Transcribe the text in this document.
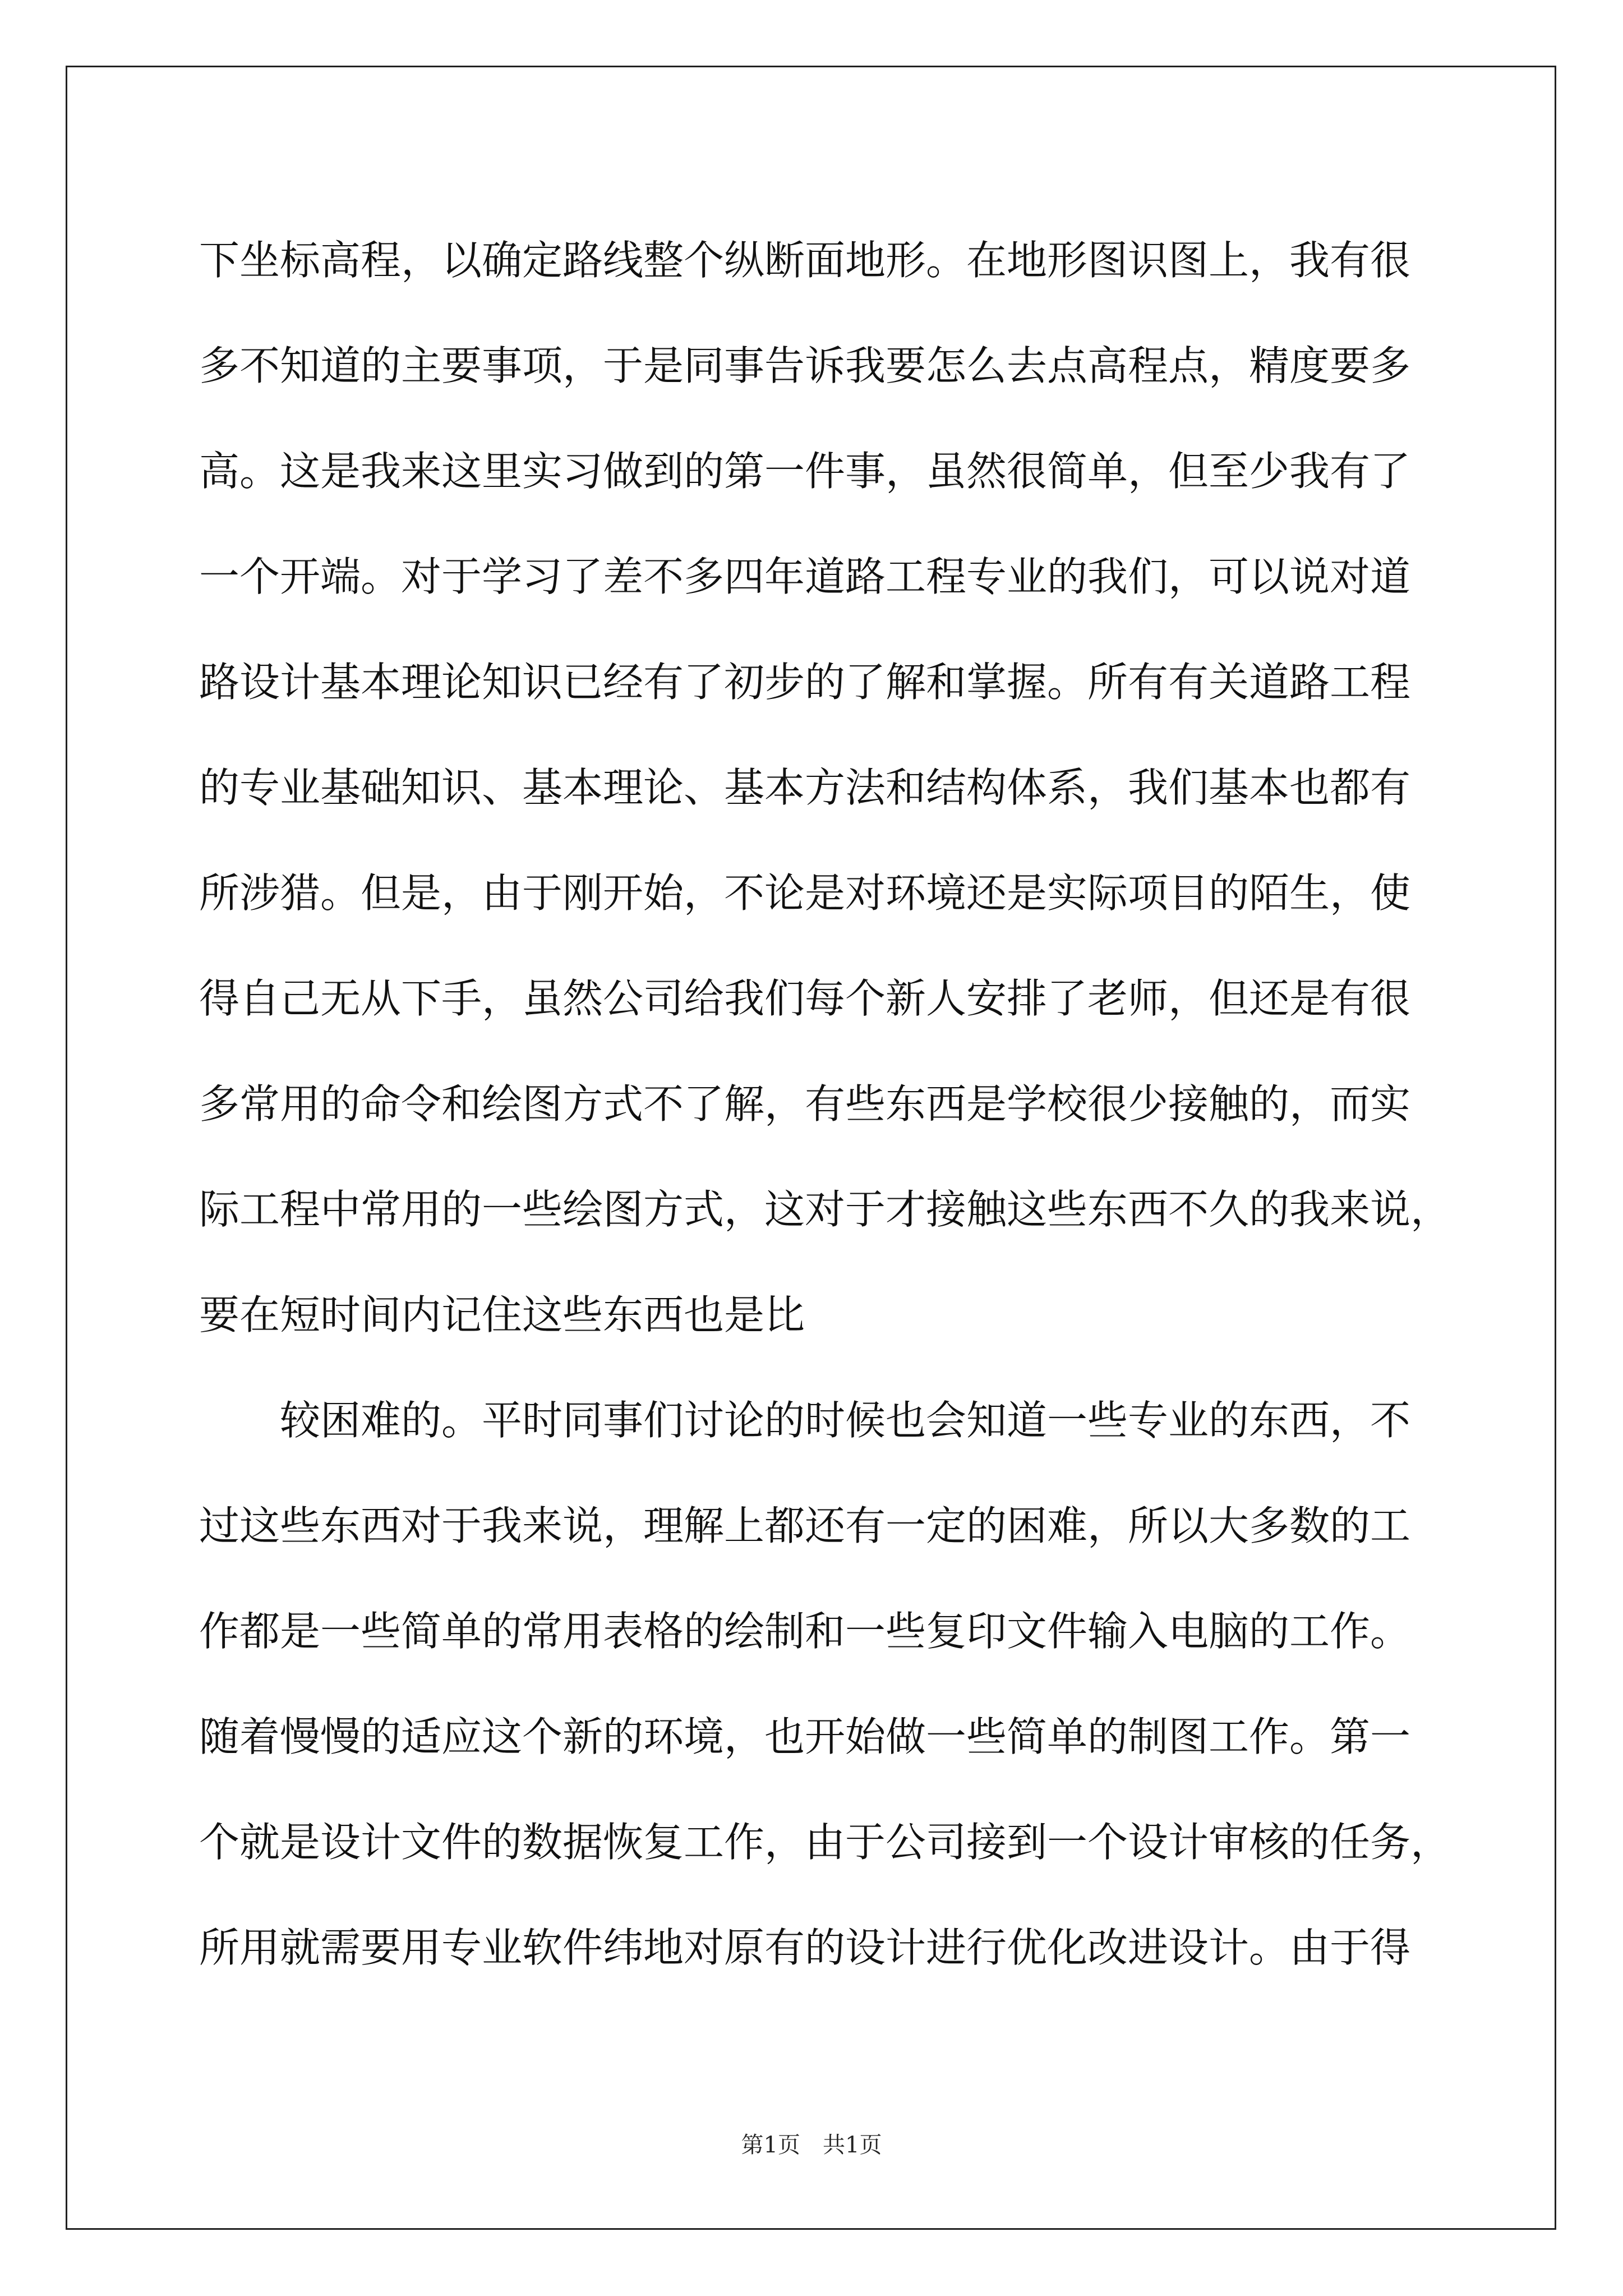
下坐标高程，以确定路线整个纵断面地形。在地形图识图上，我有很
多不知道的主要事项，于是同事告诉我要怎么去点高程点，精度要多
高。这是我来这里实习做到的第一件事，虽然很简单，但至少我有了
一个开端。对于学习了差不多四年道路工程专业的我们，可以说对道
路设计基本理论知识已经有了初步的了解和掌握。所有有关道路工程
的专业基础知识、基本理论、基本方法和结构体系，我们基本也都有
所涉猎。但是，由于刚开始，不论是对环境还是实际项目的陌生，使
得自己无从下手，虽然公司给我们每个新人安排了老师，但还是有很
多常用的命令和绘图方式不了解，有些东西是学校很少接触的，而实
际工程中常用的一些绘图方式，这对于才接触这些东西不久的我来说，
要在短时间内记住这些东西也是比
较困难的。平时同事们讨论的时候也会知道一些专业的东西，不
过这些东西对于我来说，理解上都还有一定的困难，所以大多数的工
作都是一些简单的常用表格的绘制和一些复印文件输入电脑的工作。
随着慢慢的适应这个新的环境，也开始做一些简单的制图工作。第一
个就是设计文件的数据恢复工作，由于公司接到一个设计审核的任务，
所用就需要用专业软件纬地对原有的设计进行优化改进设计。由于得
第1页 共1页
